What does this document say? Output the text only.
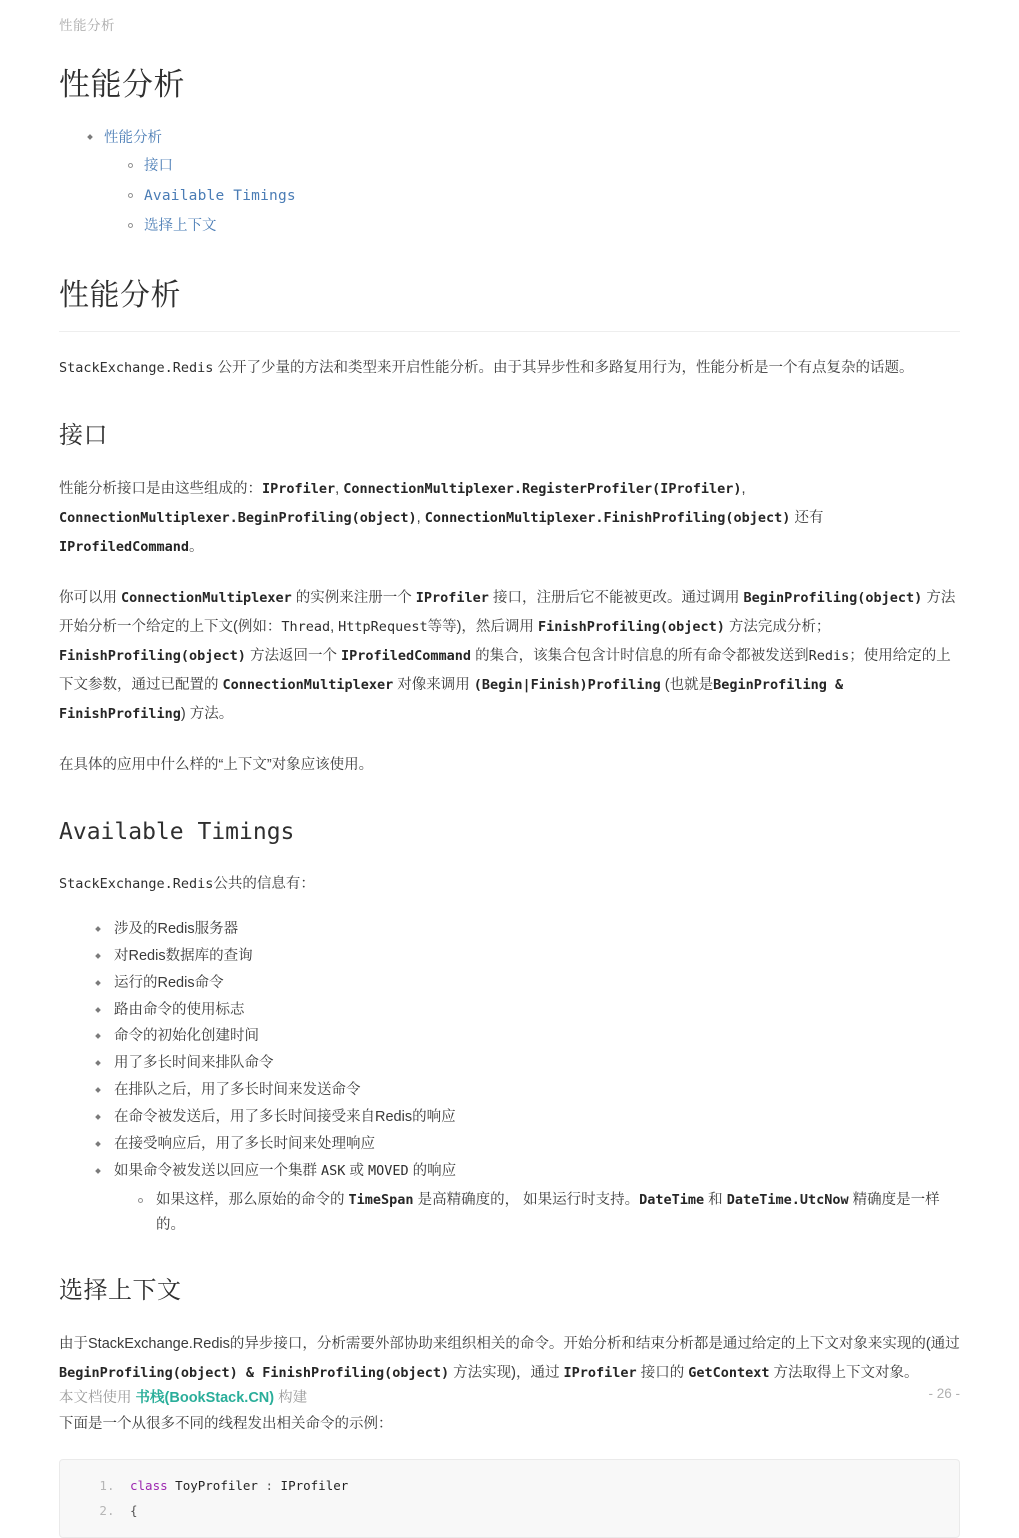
性能分析
性能分析
性能分析
接口
Available Timings
选择上下文
性能分析

StackExchange.Redis 公开了少量的方法和类型来开启性能分析。由于其异步性和多路复用行为，性能分析是一个有点复杂的话题。

接口

性能分析接口是由这些组成的：IProfiler, ConnectionMultiplexer.RegisterProfiler(IProfiler), ConnectionMultiplexer.BeginProfiling(object), ConnectionMultiplexer.FinishProfiling(object) 还有 IProfiledCommand。

你可以用 ConnectionMultiplexer 的实例来注册一个 IProfiler 接口，注册后它不能被更改。通过调用 BeginProfiling(object) 方法开始分析一个给定的上下文(例如：Thread, HttpRequest等等)，然后调用 FinishProfiling(object) 方法完成分析；FinishProfiling(object) 方法返回一个 IProfiledCommand 的集合，该集合包含计时信息的所有命令都被发送到Redis；使用给定的上下文参数，通过已配置的 ConnectionMultiplexer 对像来调用 (Begin|Finish)Profiling (也就是BeginProfiling & FinishProfiling) 方法。

在具体的应用中什么样的“上下文”对象应该使用。

Available Timings

StackExchange.Redis公共的信息有：

涉及的Redis服务器
对Redis数据库的查询
运行的Redis命令
路由命令的使用标志
命令的初始化创建时间
用了多长时间来排队命令
在排队之后，用了多长时间来发送命令
在命令被发送后，用了多长时间接受来自Redis的响应
在接受响应后，用了多长时间来处理响应
如果命令被发送以回应一个集群 ASK 或 MOVED 的响应
如果这样，那么原始的命令的 TimeSpan 是高精确度的， 如果运行时支持。DateTime 和 DateTime.UtcNow 精确度是一样的。
选择上下文

由于StackExchange.Redis的异步接口，分析需要外部协助来组织相关的命令。开始分析和结束分析都是通过给定的上下文对象来实现的(通过 BeginProfiling(object) & FinishProfiling(object) 方法实现)，通过 IProfiler 接口的 GetContext 方法取得上下文对象。

下面是一个从很多不同的线程发出相关命令的示例：

1. class ToyProfiler : IProfiler
2. {
本文档使用 书栈(BookStack.CN) 构建	- 26 -
